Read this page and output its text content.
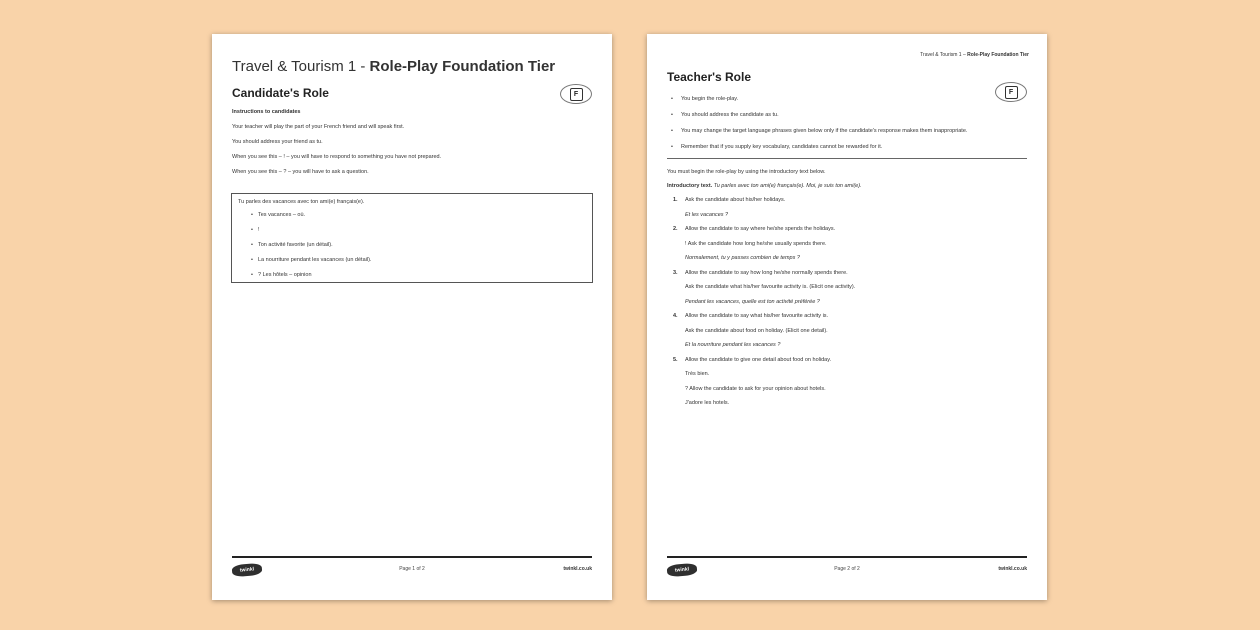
Travel & Tourism 1 - Role-Play Foundation Tier
Candidate's Role	F
Instructions to candidates

Your teacher will play the part of your French friend and will speak first.

You should address your friend as tu.

When you see this – ! – you will have to respond to something you have not prepared.

When you see this – ? – you will have to ask a question.

Tu parles des vacances avec ton ami(e) français(e).
• Tes vacances – où.
• !
• Ton activité favorite (un détail).
• La nourriture pendant les vacances (un détail).
• ? Les hôtels – opinion
twinkl	Page 1 of 2	twinkl.co.uk
Travel & Tourism 1 – Role-Play Foundation Tier
Teacher's Role
F
• You begin the role-play.
• You should address the candidate as tu.
• You may change the target language phrases given below only if the candidate's response makes them inappropriate.
• Remember that if you supply key vocabulary, candidates cannot be rewarded for it.

You must begin the role-play by using the introductory text below.

Introductory text. Tu parles avec ton ami(e) français(e). Moi, je suis ton ami(e).

1. Ask the candidate about his/her holidays.
Et les vacances ?
2. Allow the candidate to say where he/she spends the holidays.
! Ask the candidate how long he/she usually spends there.
Normalement, tu y passes combien de temps ?
3. Allow the candidate to say how long he/she normally spends there.
Ask the candidate what his/her favourite activity is. (Elicit one activity).
Pendant les vacances, quelle est ton activité préférée ?
4. Allow the candidate to say what his/her favourite activity is.
Ask the candidate about food on holiday. (Elicit one detail).
Et la nourriture pendant les vacances ?
5. Allow the candidate to give one detail about food on holiday.
Très bien.
? Allow the candidate to ask for your opinion about hotels.
J'adore les hotels.
twinkl	Page 2 of 2	twinkl.co.uk
